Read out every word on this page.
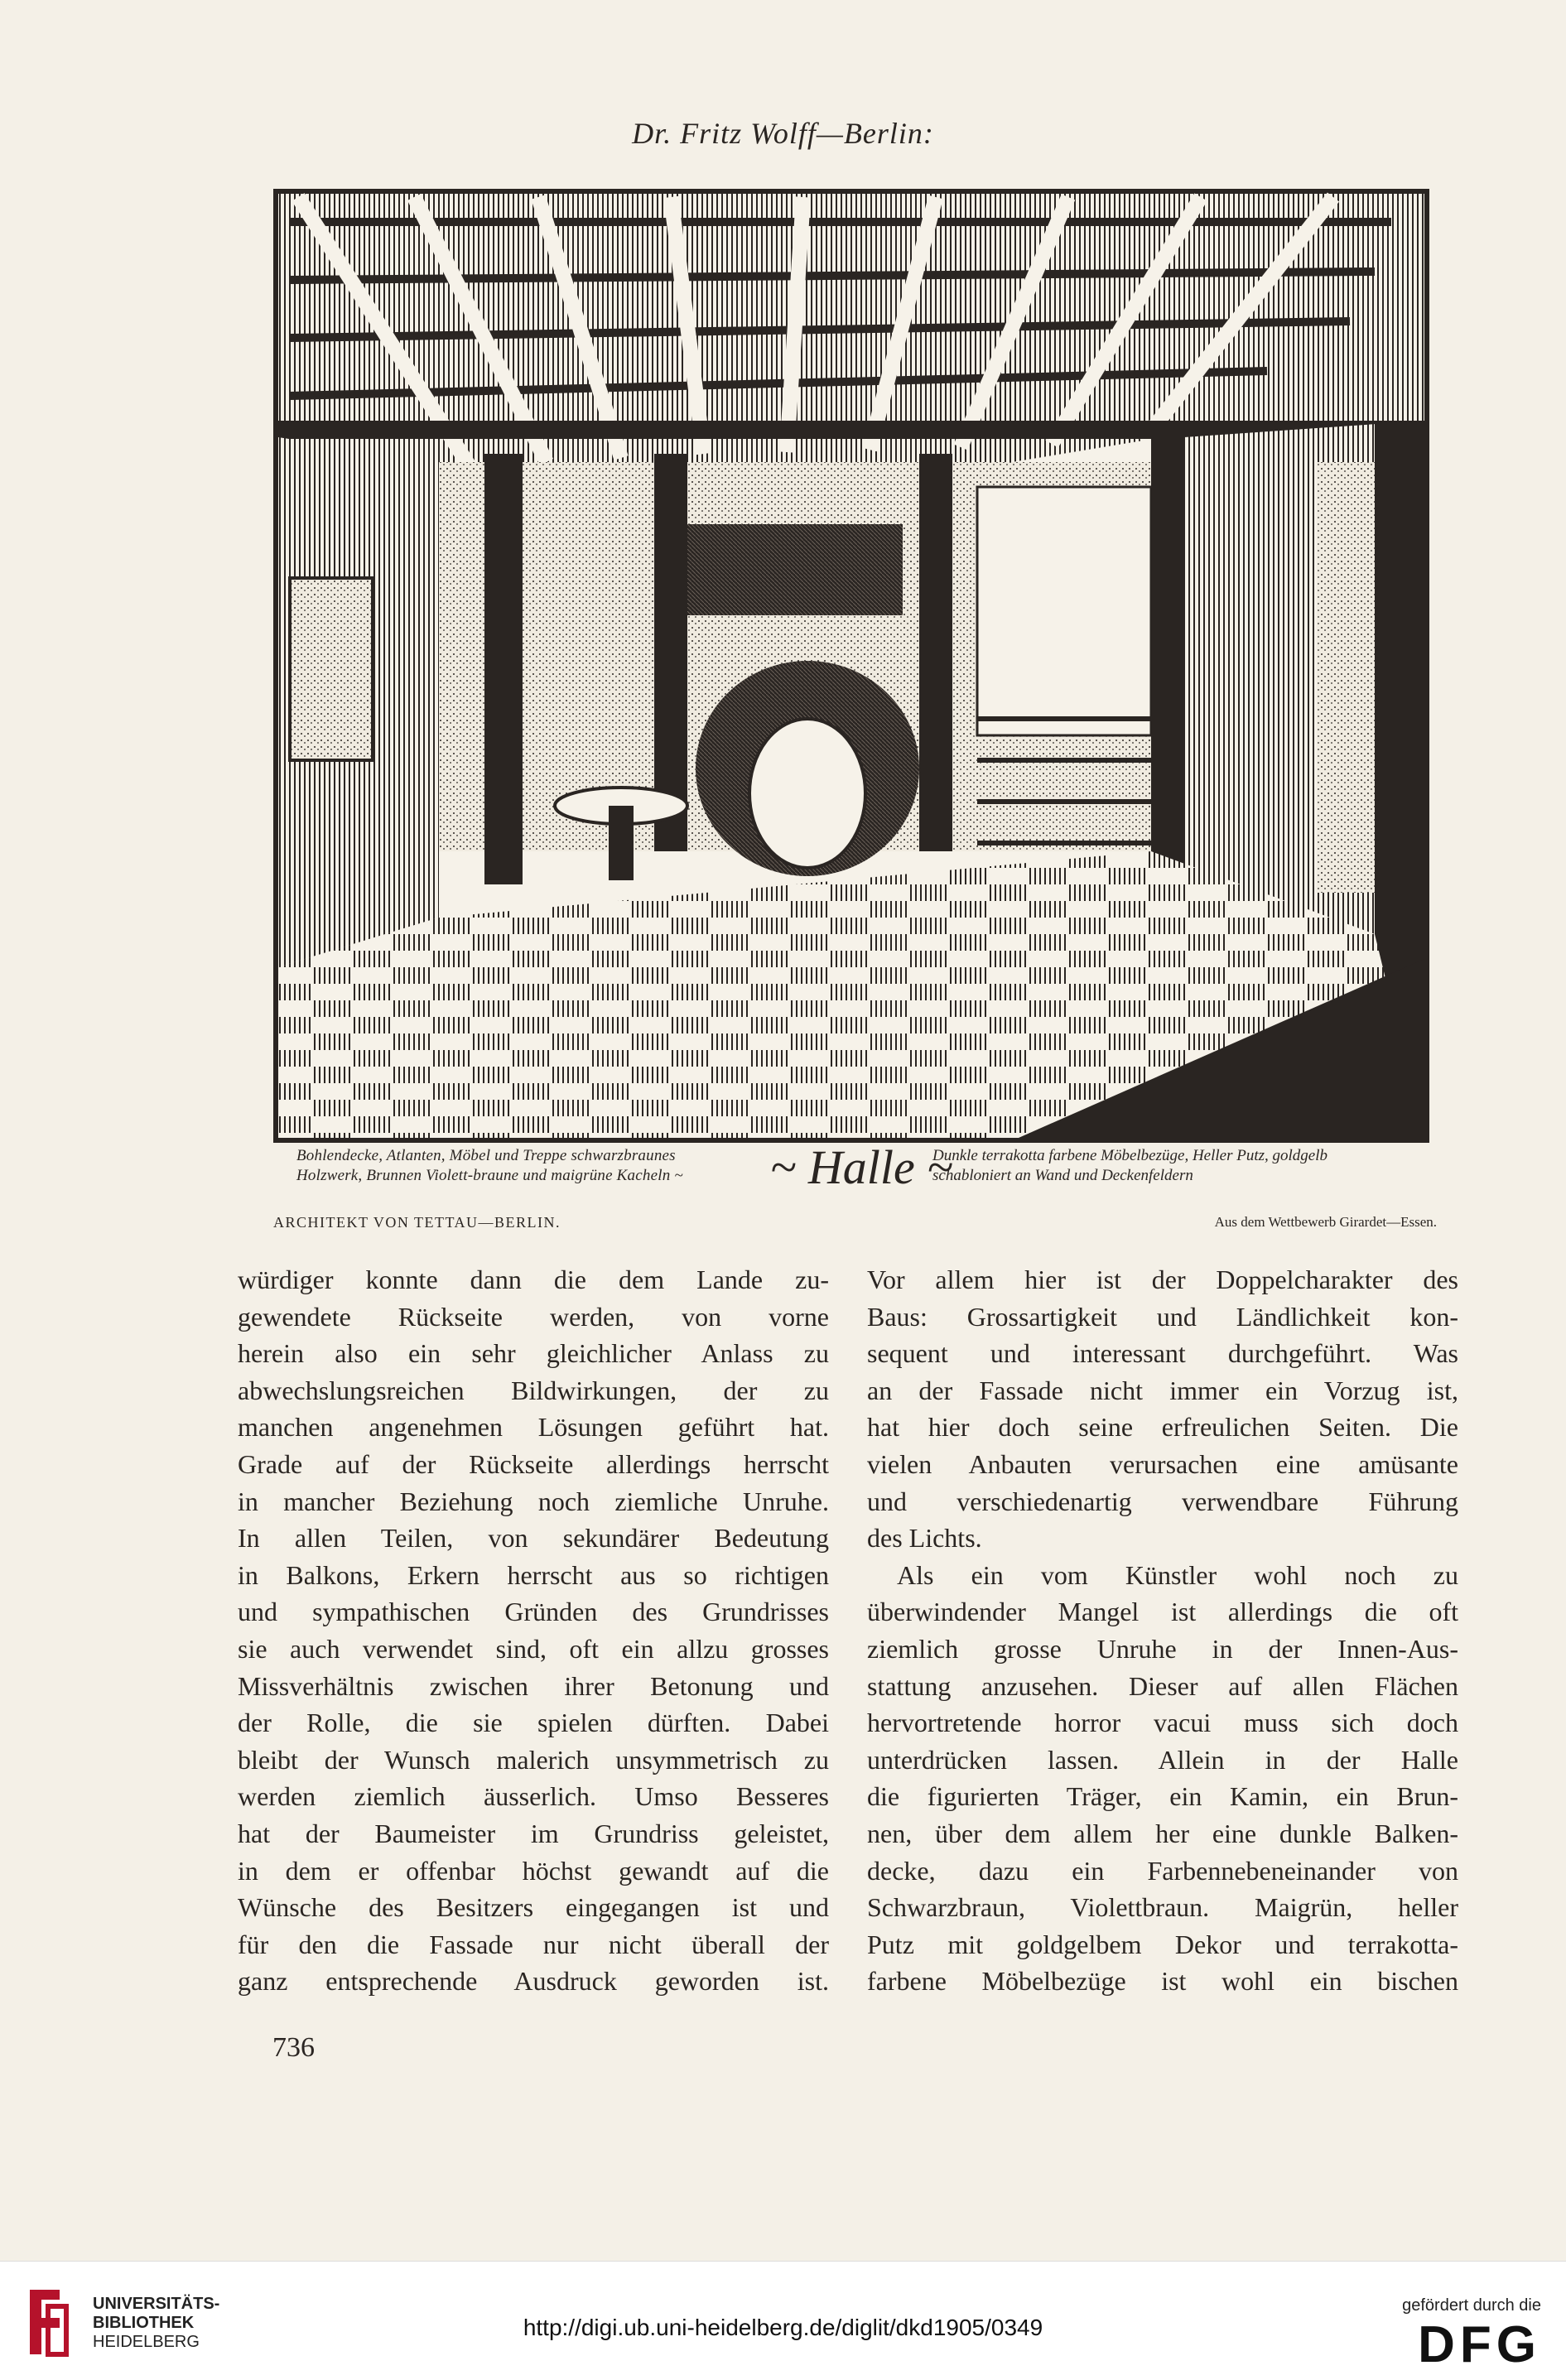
Dr. Fritz Wolff—Berlin:
Bohlendecke, Atlanten, Möbel und Treppe schwarzbraunes
Holzwerk, Brunnen Violett-braune und maigrüne Kacheln ~	~ Halle ~
Dunkle terrakotta farbene Möbelbezüge, Heller Putz, goldgelb
schabloniert an Wand und Deckenfeldern
ARCHITEKT VON TETTAU—BERLIN.	Aus dem Wettbewerb Girardet—Essen.
würdiger konnte dann die dem Lande zu-
gewendete Rückseite werden, von vorne
herein also ein sehr gleichlicher Anlass zu
abwechslungsreichen Bildwirkungen, der zu
manchen angenehmen Lösungen geführt hat.
Grade auf der Rückseite allerdings herrscht
in mancher Beziehung noch ziemliche Unruhe.
In allen Teilen, von sekundärer Bedeutung
in Balkons, Erkern herrscht aus so richtigen
und sympathischen Gründen des Grundrisses
sie auch verwendet sind, oft ein allzu grosses
Missverhältnis zwischen ihrer Betonung und
der Rolle, die sie spielen dürften. Dabei
bleibt der Wunsch malerich unsymmetrisch zu
werden ziemlich äusserlich. Umso Besseres
hat der Baumeister im Grundriss geleistet,
in dem er offenbar höchst gewandt auf die
Wünsche des Besitzers eingegangen ist und
für den die Fassade nur nicht überall der
ganz entsprechende Ausdruck geworden ist.
Vor allem hier ist der Doppelcharakter des
Baus: Grossartigkeit und Ländlichkeit kon-
sequent und interessant durchgeführt. Was
an der Fassade nicht immer ein Vorzug ist,
hat hier doch seine erfreulichen Seiten. Die
vielen Anbauten verursachen eine amüsante
und verschiedenartig verwendbare Führung
des Lichts.
Als ein vom Künstler wohl noch zu
überwindender Mangel ist allerdings die oft
ziemlich grosse Unruhe in der Innen-Aus-
stattung anzusehen. Dieser auf allen Flächen
hervortretende horror vacui muss sich doch
unterdrücken lassen. Allein in der Halle
die figurierten Träger, ein Kamin, ein Brun-
nen, über dem allem her eine dunkle Balken-
decke, dazu ein Farbennebeneinander von
Schwarzbraun, Violettbraun. Maigrün, heller
Putz mit goldgelbem Dekor und terrakotta-
farbene Möbelbezüge ist wohl ein bischen
736
UNIVERSITÄTS-
BIBLIOTHEK
HEIDELBERG
http://digi.ub.uni-heidelberg.de/diglit/dkd1905/0349
gefördert durch die
DFG
